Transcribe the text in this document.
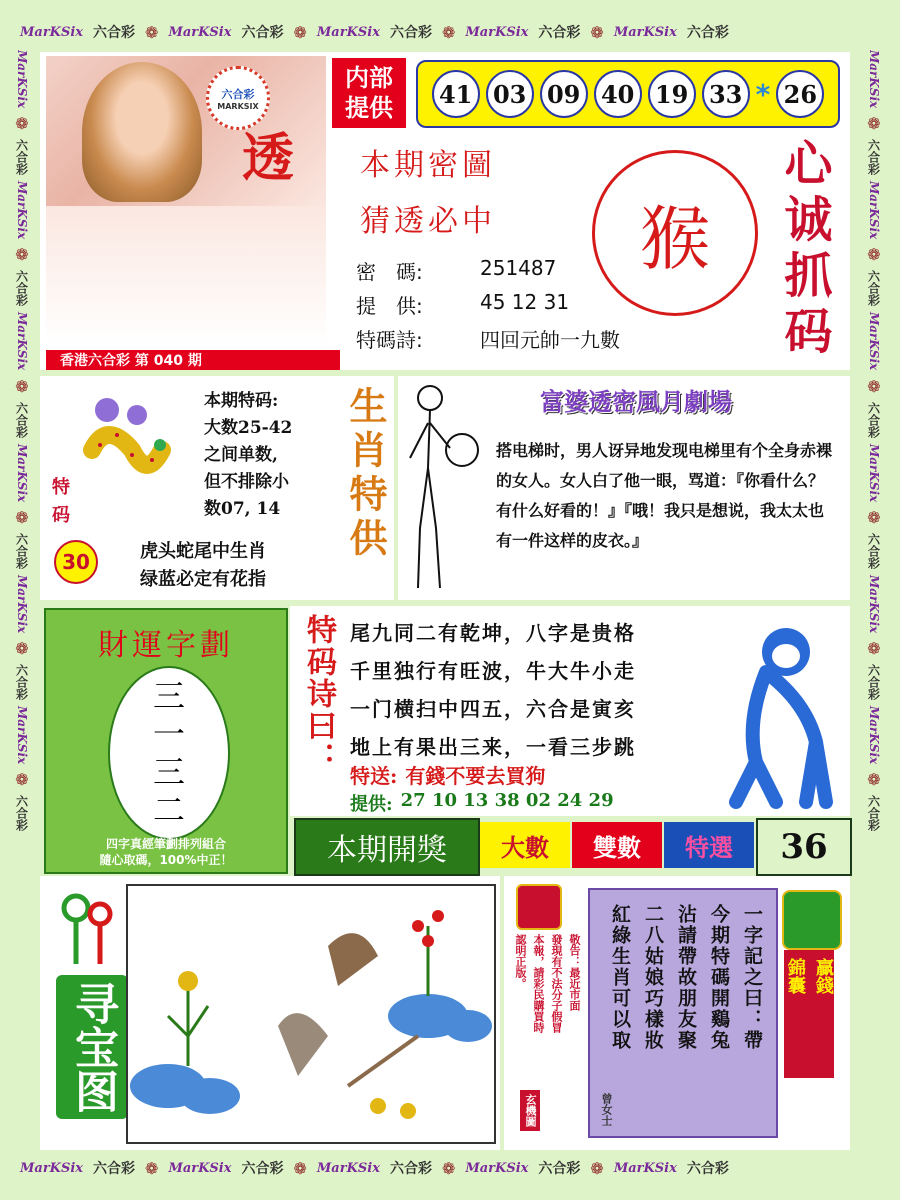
MarKSix 六合彩 ❁ MarKSix 六合彩 ❁ MarKSix 六合彩 ❁ MarKSix 六合彩 ❁ MarKSix 六合彩
MarKSix 六合彩 ❁ MarKSix 六合彩 ❁ MarKSix 六合彩 ❁ MarKSix 六合彩 ❁ MarKSix 六合彩
MarKSix
❁
六合彩
MarKSix
❁
六合彩
MarKSix
❁
六合彩
MarKSix
❁
六合彩
MarKSix
❁
六合彩
MarKSix
❁
六合彩
MarKSix
❁
六合彩
MarKSix
❁
六合彩
MarKSix
❁
六合彩
MarKSix
❁
六合彩
MarKSix
❁
六合彩
MarKSix
❁
六合彩
六合彩
MARKSIX
透
内部提供	41 03 09 40 19 33 * 26
本期密圖
猜透必中
密　碼:	251487
提　供:	45 12 31
特碼詩:	四回元帥一九數
猴 心诚抓码
香港六合彩 第 040 期
特码
30
本期特码:
大数25-42
之间单数,
但不排除小
数07, 14
虎头蛇尾中生肖
绿蓝必定有花指
生肖特供	富婆透密風月劇場
搭电梯时，男人讶异地发现电梯里有个全身赤裸的女人。女人白了他一眼，骂道：『你看什么？有什么好看的！』『哦！我只是想说，我太太也有一件这样的皮衣。』
財運字劃
三
一
三
二
四字真經筆劃排列組合
隨心取碼，100%中正！
特码诗曰： 尾九同二有乾坤，八字是贵格
千里独行有旺波，牛大牛小走
一门横扫中四五，六合是寅亥
地上有果出三来，一看三步跳
特送: 有錢不要去買狗
提供: 27 10 13 38 02 24 29
本期開獎 大數 雙數 特選 36
寻宝图
敬告：最近市面
發現有不法分子假冒
本報，請彩民購買時
認明正版。
玄機圖
一字記之曰：帶
今期特碼開鷄兔
沾請帶故朋友聚
二八姑娘巧樣妝
紅綠生肖可以取
曾女士
贏錢
錦囊
